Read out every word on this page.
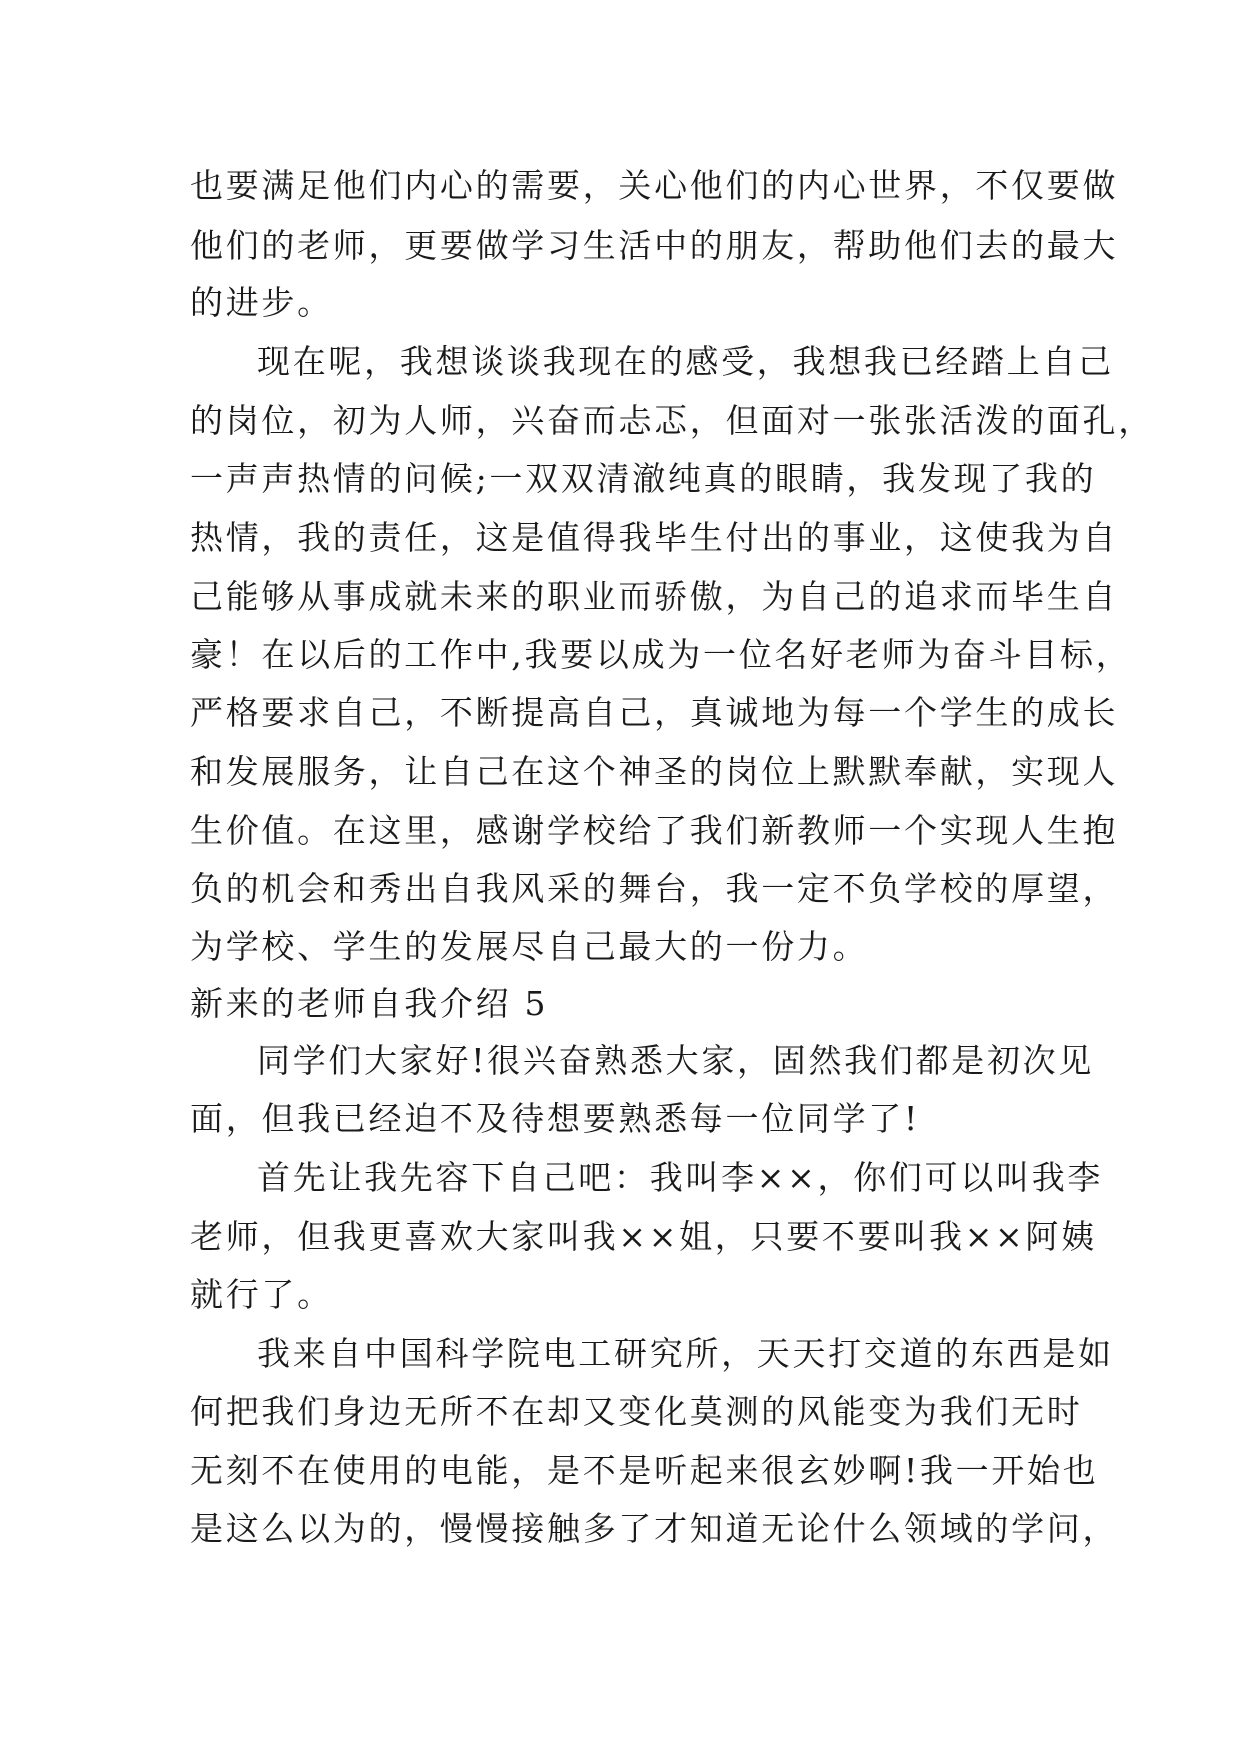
也要满足他们内心的需要，关心他们的内心世界，不仅要做
他们的老师，更要做学习生活中的朋友，帮助他们去的最大
的进步。
现在呢，我想谈谈我现在的感受，我想我已经踏上自己
的岗位，初为人师，兴奋而忐忑，但面对一张张活泼的面孔，
一声声热情的问候;一双双清澈纯真的眼睛，我发现了我的
热情，我的责任，这是值得我毕生付出的事业，这使我为自
己能够从事成就未来的职业而骄傲，为自己的追求而毕生自
豪！在以后的工作中,我要以成为一位名好老师为奋斗目标，
严格要求自己，不断提高自己，真诚地为每一个学生的成长
和发展服务，让自己在这个神圣的岗位上默默奉献，实现人
生价值。在这里，感谢学校给了我们新教师一个实现人生抱
负的机会和秀出自我风采的舞台，我一定不负学校的厚望，
为学校、学生的发展尽自己最大的一份力。
新来的老师自我介绍 5
同学们大家好!很兴奋熟悉大家，固然我们都是初次见
面，但我已经迫不及待想要熟悉每一位同学了!
首先让我先容下自己吧：我叫李××，你们可以叫我李
老师，但我更喜欢大家叫我××姐，只要不要叫我××阿姨
就行了。
我来自中国科学院电工研究所，天天打交道的东西是如
何把我们身边无所不在却又变化莫测的风能变为我们无时
无刻不在使用的电能，是不是听起来很玄妙啊!我一开始也
是这么以为的，慢慢接触多了才知道无论什么领域的学问，
